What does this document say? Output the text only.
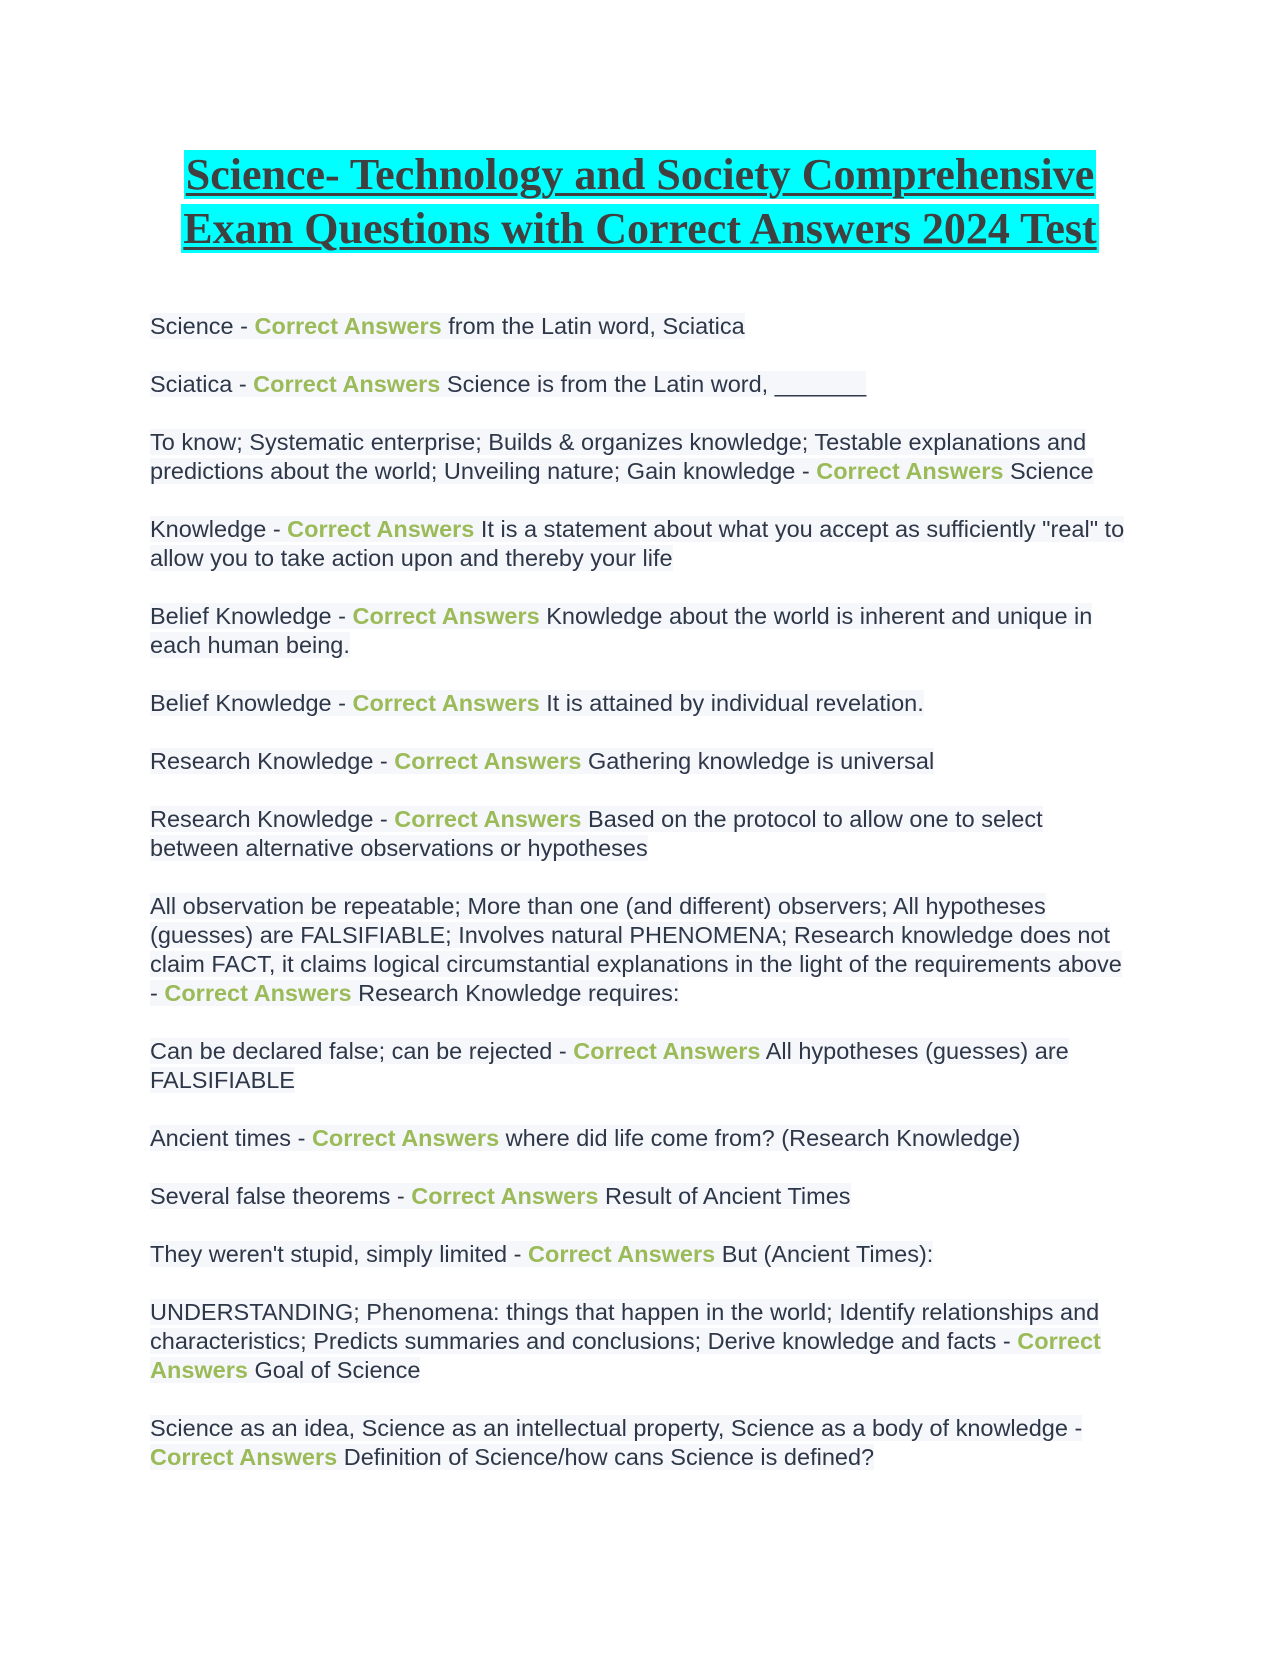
Science- Technology and Society Comprehensive Exam Questions with Correct Answers 2024 Test

Science - Correct Answers from the Latin word, Sciatica

Sciatica - Correct Answers Science is from the Latin word, _______

To know; Systematic enterprise; Builds & organizes knowledge; Testable explanations and predictions about the world; Unveiling nature; Gain knowledge - Correct Answers Science

Knowledge - Correct Answers It is a statement about what you accept as sufficiently "real" to allow you to take action upon and thereby your life

Belief Knowledge - Correct Answers Knowledge about the world is inherent and unique in each human being.

Belief Knowledge - Correct Answers It is attained by individual revelation.

Research Knowledge - Correct Answers Gathering knowledge is universal

Research Knowledge - Correct Answers Based on the protocol to allow one to select between alternative observations or hypotheses

All observation be repeatable; More than one (and different) observers; All hypotheses (guesses) are FALSIFIABLE; Involves natural PHENOMENA; Research knowledge does not claim FACT, it claims logical circumstantial explanations in the light of the requirements above - Correct Answers Research Knowledge requires:

Can be declared false; can be rejected - Correct Answers All hypotheses (guesses) are FALSIFIABLE

Ancient times - Correct Answers where did life come from? (Research Knowledge)

Several false theorems - Correct Answers Result of Ancient Times

They weren't stupid, simply limited - Correct Answers But (Ancient Times):

UNDERSTANDING; Phenomena: things that happen in the world; Identify relationships and characteristics; Predicts summaries and conclusions; Derive knowledge and facts - Correct Answers Goal of Science

Science as an idea, Science as an intellectual property, Science as a body of knowledge - Correct Answers Definition of Science/how cans Science is defined?
